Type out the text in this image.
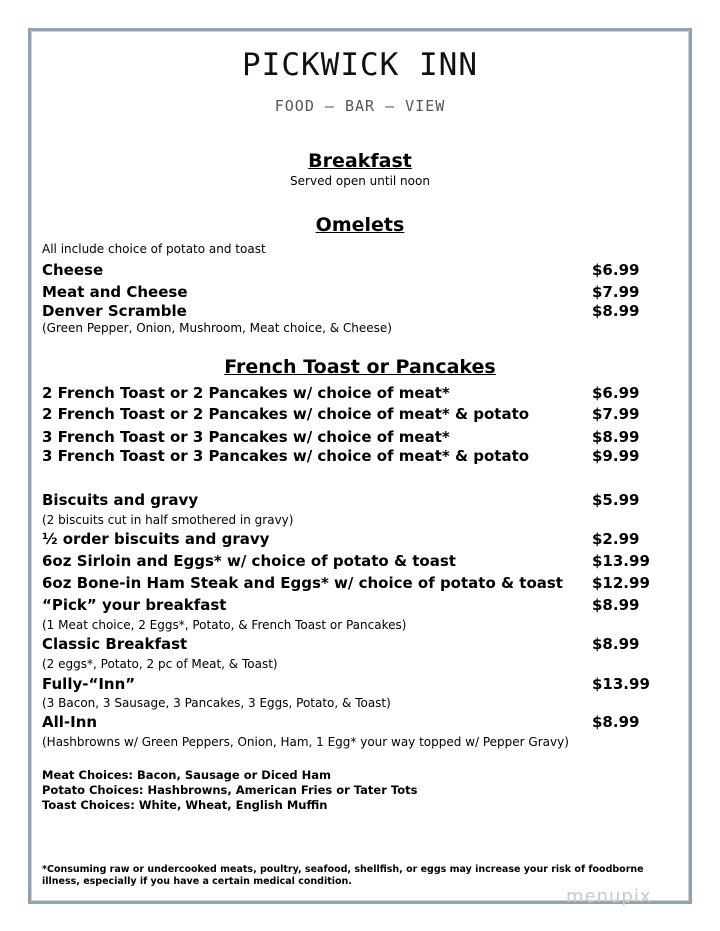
PICKWICK INN
FOOD – BAR – VIEW
Breakfast
Served open until noon
Omelets
All include choice of potato and toast
Cheese	$6.99
Meat and Cheese	$7.99
Denver Scramble	$8.99
(Green Pepper, Onion, Mushroom, Meat choice, & Cheese)
French Toast or Pancakes
2 French Toast or 2 Pancakes w/ choice of meat*	$6.99
2 French Toast or 2 Pancakes w/ choice of meat* & potato	$7.99
3 French Toast or 3 Pancakes w/ choice of meat*	$8.99
3 French Toast or 3 Pancakes w/ choice of meat* & potato	$9.99
Biscuits and gravy	$5.99
(2 biscuits cut in half smothered in gravy)
½ order biscuits and gravy	$2.99
6oz Sirloin and Eggs* w/ choice of potato & toast	$13.99
6oz Bone-in Ham Steak and Eggs* w/ choice of potato & toast $12.99
“Pick” your breakfast	$8.99
(1 Meat choice, 2 Eggs*, Potato, & French Toast or Pancakes)
Classic Breakfast	$8.99
(2 eggs*, Potato, 2 pc of Meat, & Toast)
Fully-“Inn”	$13.99
(3 Bacon, 3 Sausage, 3 Pancakes, 3 Eggs, Potato, & Toast)
All-Inn	$8.99
(Hashbrowns w/ Green Peppers, Onion, Ham, 1 Egg* your way topped w/ Pepper Gravy)
Meat Choices: Bacon, Sausage or Diced Ham
Potato Choices: Hashbrowns, American Fries or Tater Tots
Toast Choices: White, Wheat, English Muffin
*Consuming raw or undercooked meats, poultry, seafood, shellfish, or eggs may increase your risk of foodborne illness, especially if you have a certain medical condition.
menupix
